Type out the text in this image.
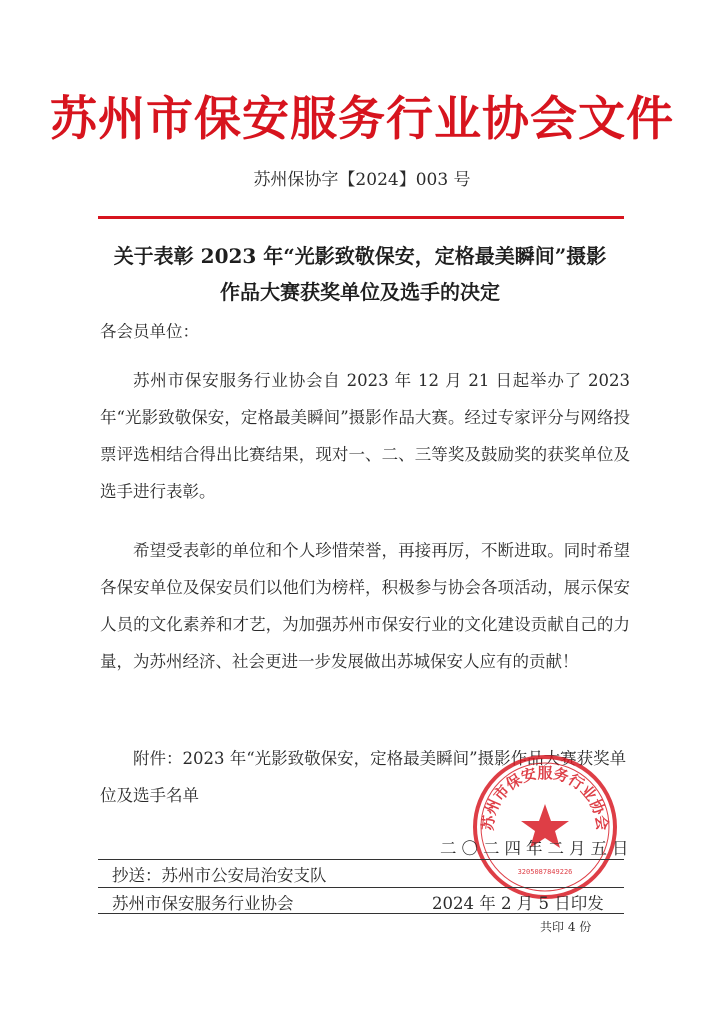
苏州市保安服务行业协会文件
苏州保协字【2024】003 号
关于表彰 2023 年“光影致敬保安，定格最美瞬间”摄影
作品大赛获奖单位及选手的决定
各会员单位：

苏州市保安服务行业协会自 2023 年 12 月 21 日起举办了 2023 年“光影致敬保安，定格最美瞬间”摄影作品大赛。经过专家评分与网络投票评选相结合得出比赛结果，现对一、二、三等奖及鼓励奖的获奖单位及选手进行表彰。

希望受表彰的单位和个人珍惜荣誉，再接再厉，不断进取。同时希望各保安单位及保安员们以他们为榜样，积极参与协会各项活动，展示保安人员的文化素养和才艺，为加强苏州市保安行业的文化建设贡献自己的力量，为苏州经济、社会更进一步发展做出苏城保安人应有的贡献！

附件：2023 年“光影致敬保安，定格最美瞬间”摄影作品大赛获奖单位及选手名单

苏州市保安服务行业协会
3205087849226
二〇二四年二月五日
抄送：苏州市公安局治安支队
苏州市保安服务行业协会	2024 年 2 月 5 日印发
共印 4 份
